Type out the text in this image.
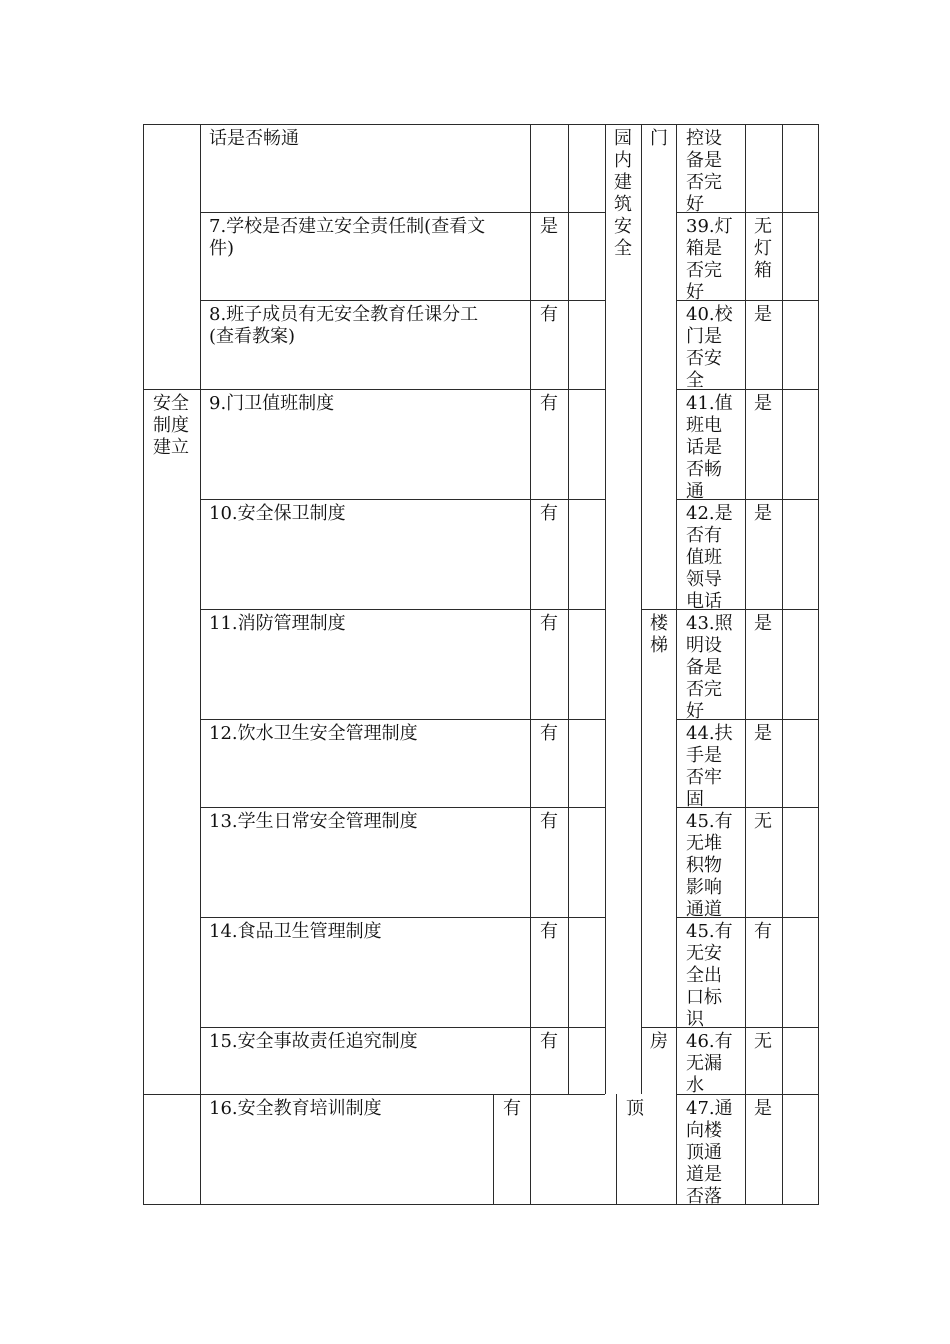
安全
制度
建立
话是否畅通
7.学校是否建立安全责任制(查看文
件)
8.班子成员有无安全教育任课分工
(查看教案)
9.门卫值班制度
10.安全保卫制度
11.消防管理制度
12.饮水卫生安全管理制度
13.学生日常安全管理制度
14.食品卫生管理制度
15.安全事故责任追究制度
16.安全教育培训制度
是
有
有
有
有
有
有
有
有
有
园
内
建
筑
安
全
门
楼
梯
房
顶
控设
备是
否完
好
39.灯
箱是
否完
好
40.校
门是
否安
全
41.值
班电
话是
否畅
通
42.是
否有
值班
领导
电话
43.照
明设
备是
否完
好
44.扶
手是
否牢
固
45.有
无堆
积物
影响
通道
45.有
无安
全出
口标
识
46.有
无漏
水
47.通
向楼
顶通
道是
否落
无
灯
箱
是
是
是
是
是
无
有
无
是
